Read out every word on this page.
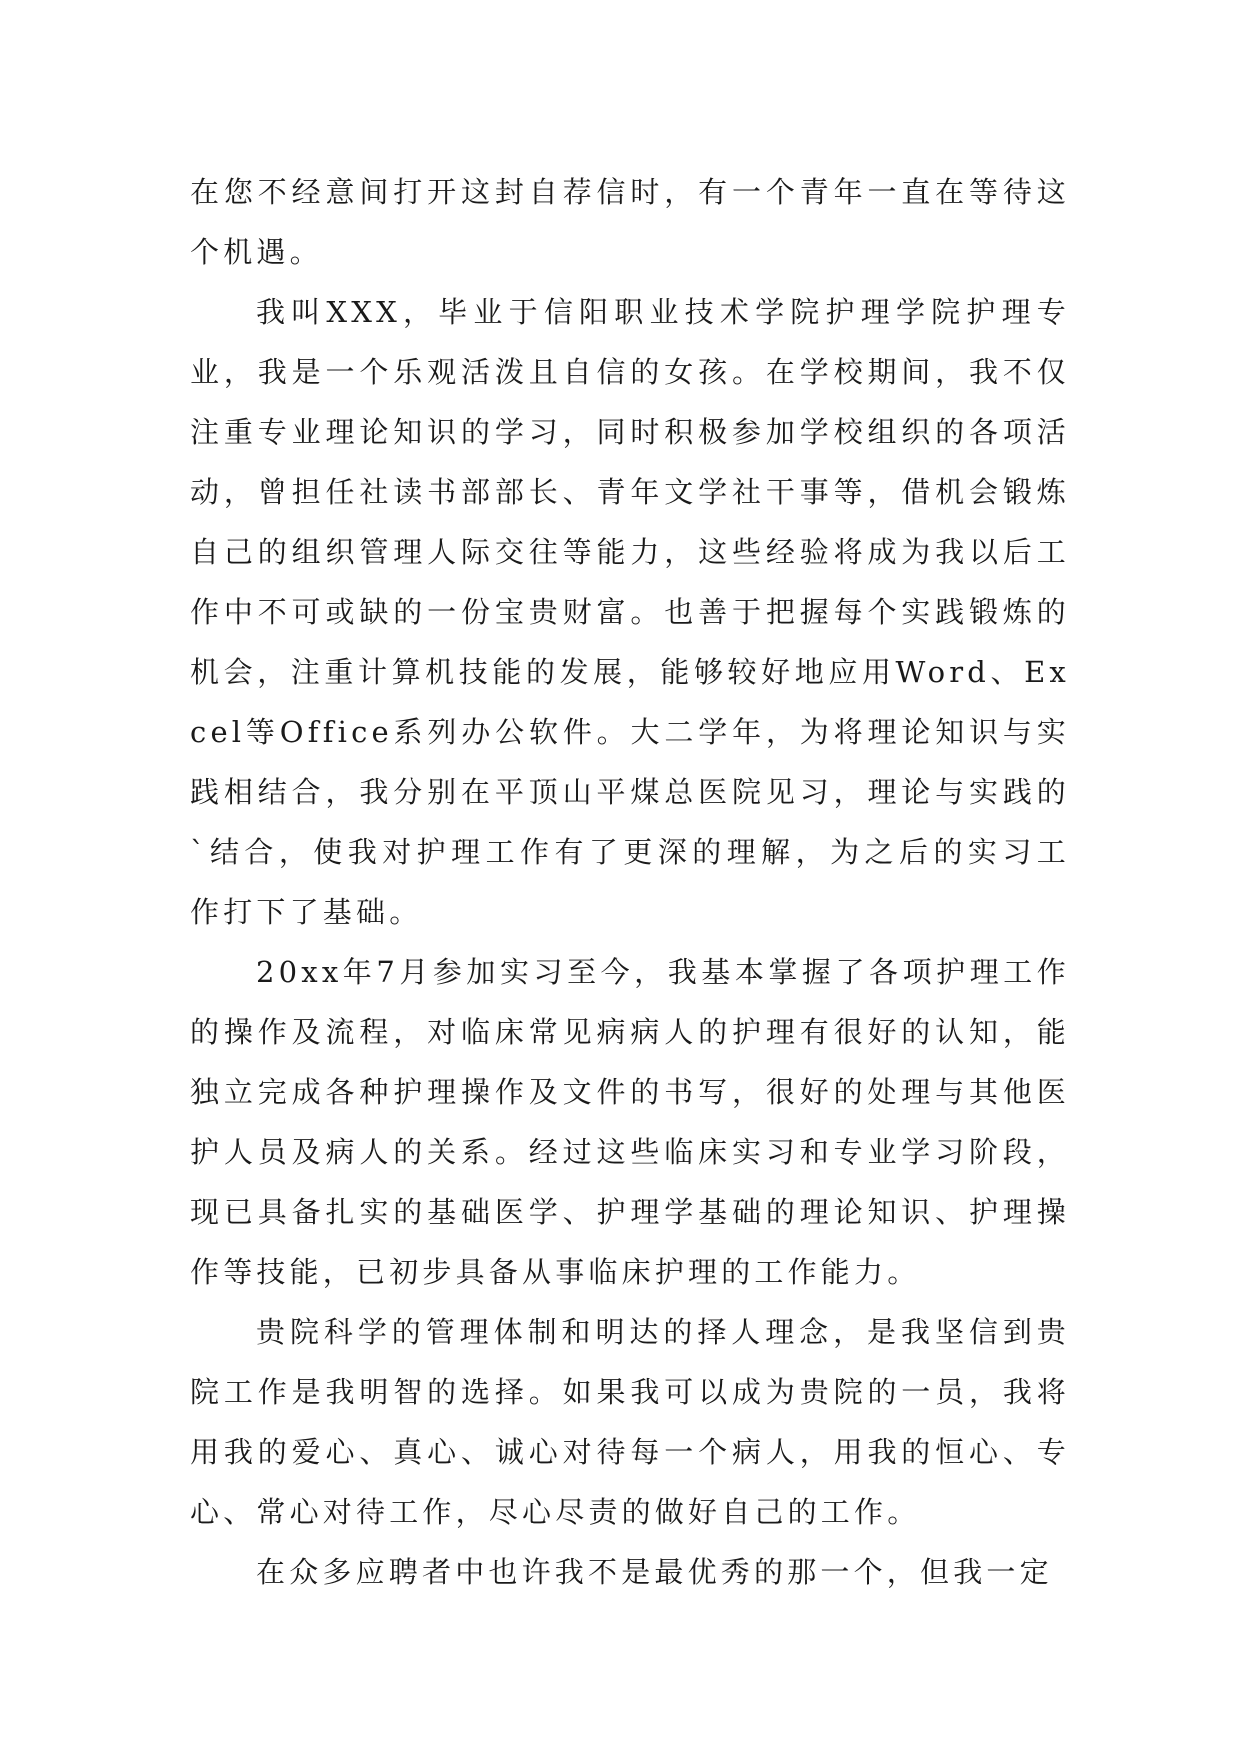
在您不经意间打开这封自荐信时，有一个青年一直在等待这个机遇。

我叫XXX，毕业于信阳职业技术学院护理学院护理专业，我是一个乐观活泼且自信的女孩。在学校期间，我不仅注重专业理论知识的学习，同时积极参加学校组织的各项活动，曾担任社读书部部长、青年文学社干事等，借机会锻炼自己的组织管理人际交往等能力，这些经验将成为我以后工作中不可或缺的一份宝贵财富。也善于把握每个实践锻炼的机会，注重计算机技能的发展，能够较好地应用Word、Excel等Office系列办公软件。大二学年，为将理论知识与实践相结合，我分别在平顶山平煤总医院见习，理论与实践的`结合，使我对护理工作有了更深的理解，为之后的实习工作打下了基础。

20xx年7月参加实习至今，我基本掌握了各项护理工作的操作及流程，对临床常见病病人的护理有很好的认知，能独立完成各种护理操作及文件的书写，很好的处理与其他医护人员及病人的关系。经过这些临床实习和专业学习阶段，现已具备扎实的基础医学、护理学基础的理论知识、护理操作等技能，已初步具备从事临床护理的工作能力。

贵院科学的管理体制和明达的择人理念，是我坚信到贵院工作是我明智的选择。如果我可以成为贵院的一员，我将用我的爱心、真心、诚心对待每一个病人，用我的恒心、专心、常心对待工作，尽心尽责的做好自己的工作。

在众多应聘者中也许我不是最优秀的那一个，但我一定
